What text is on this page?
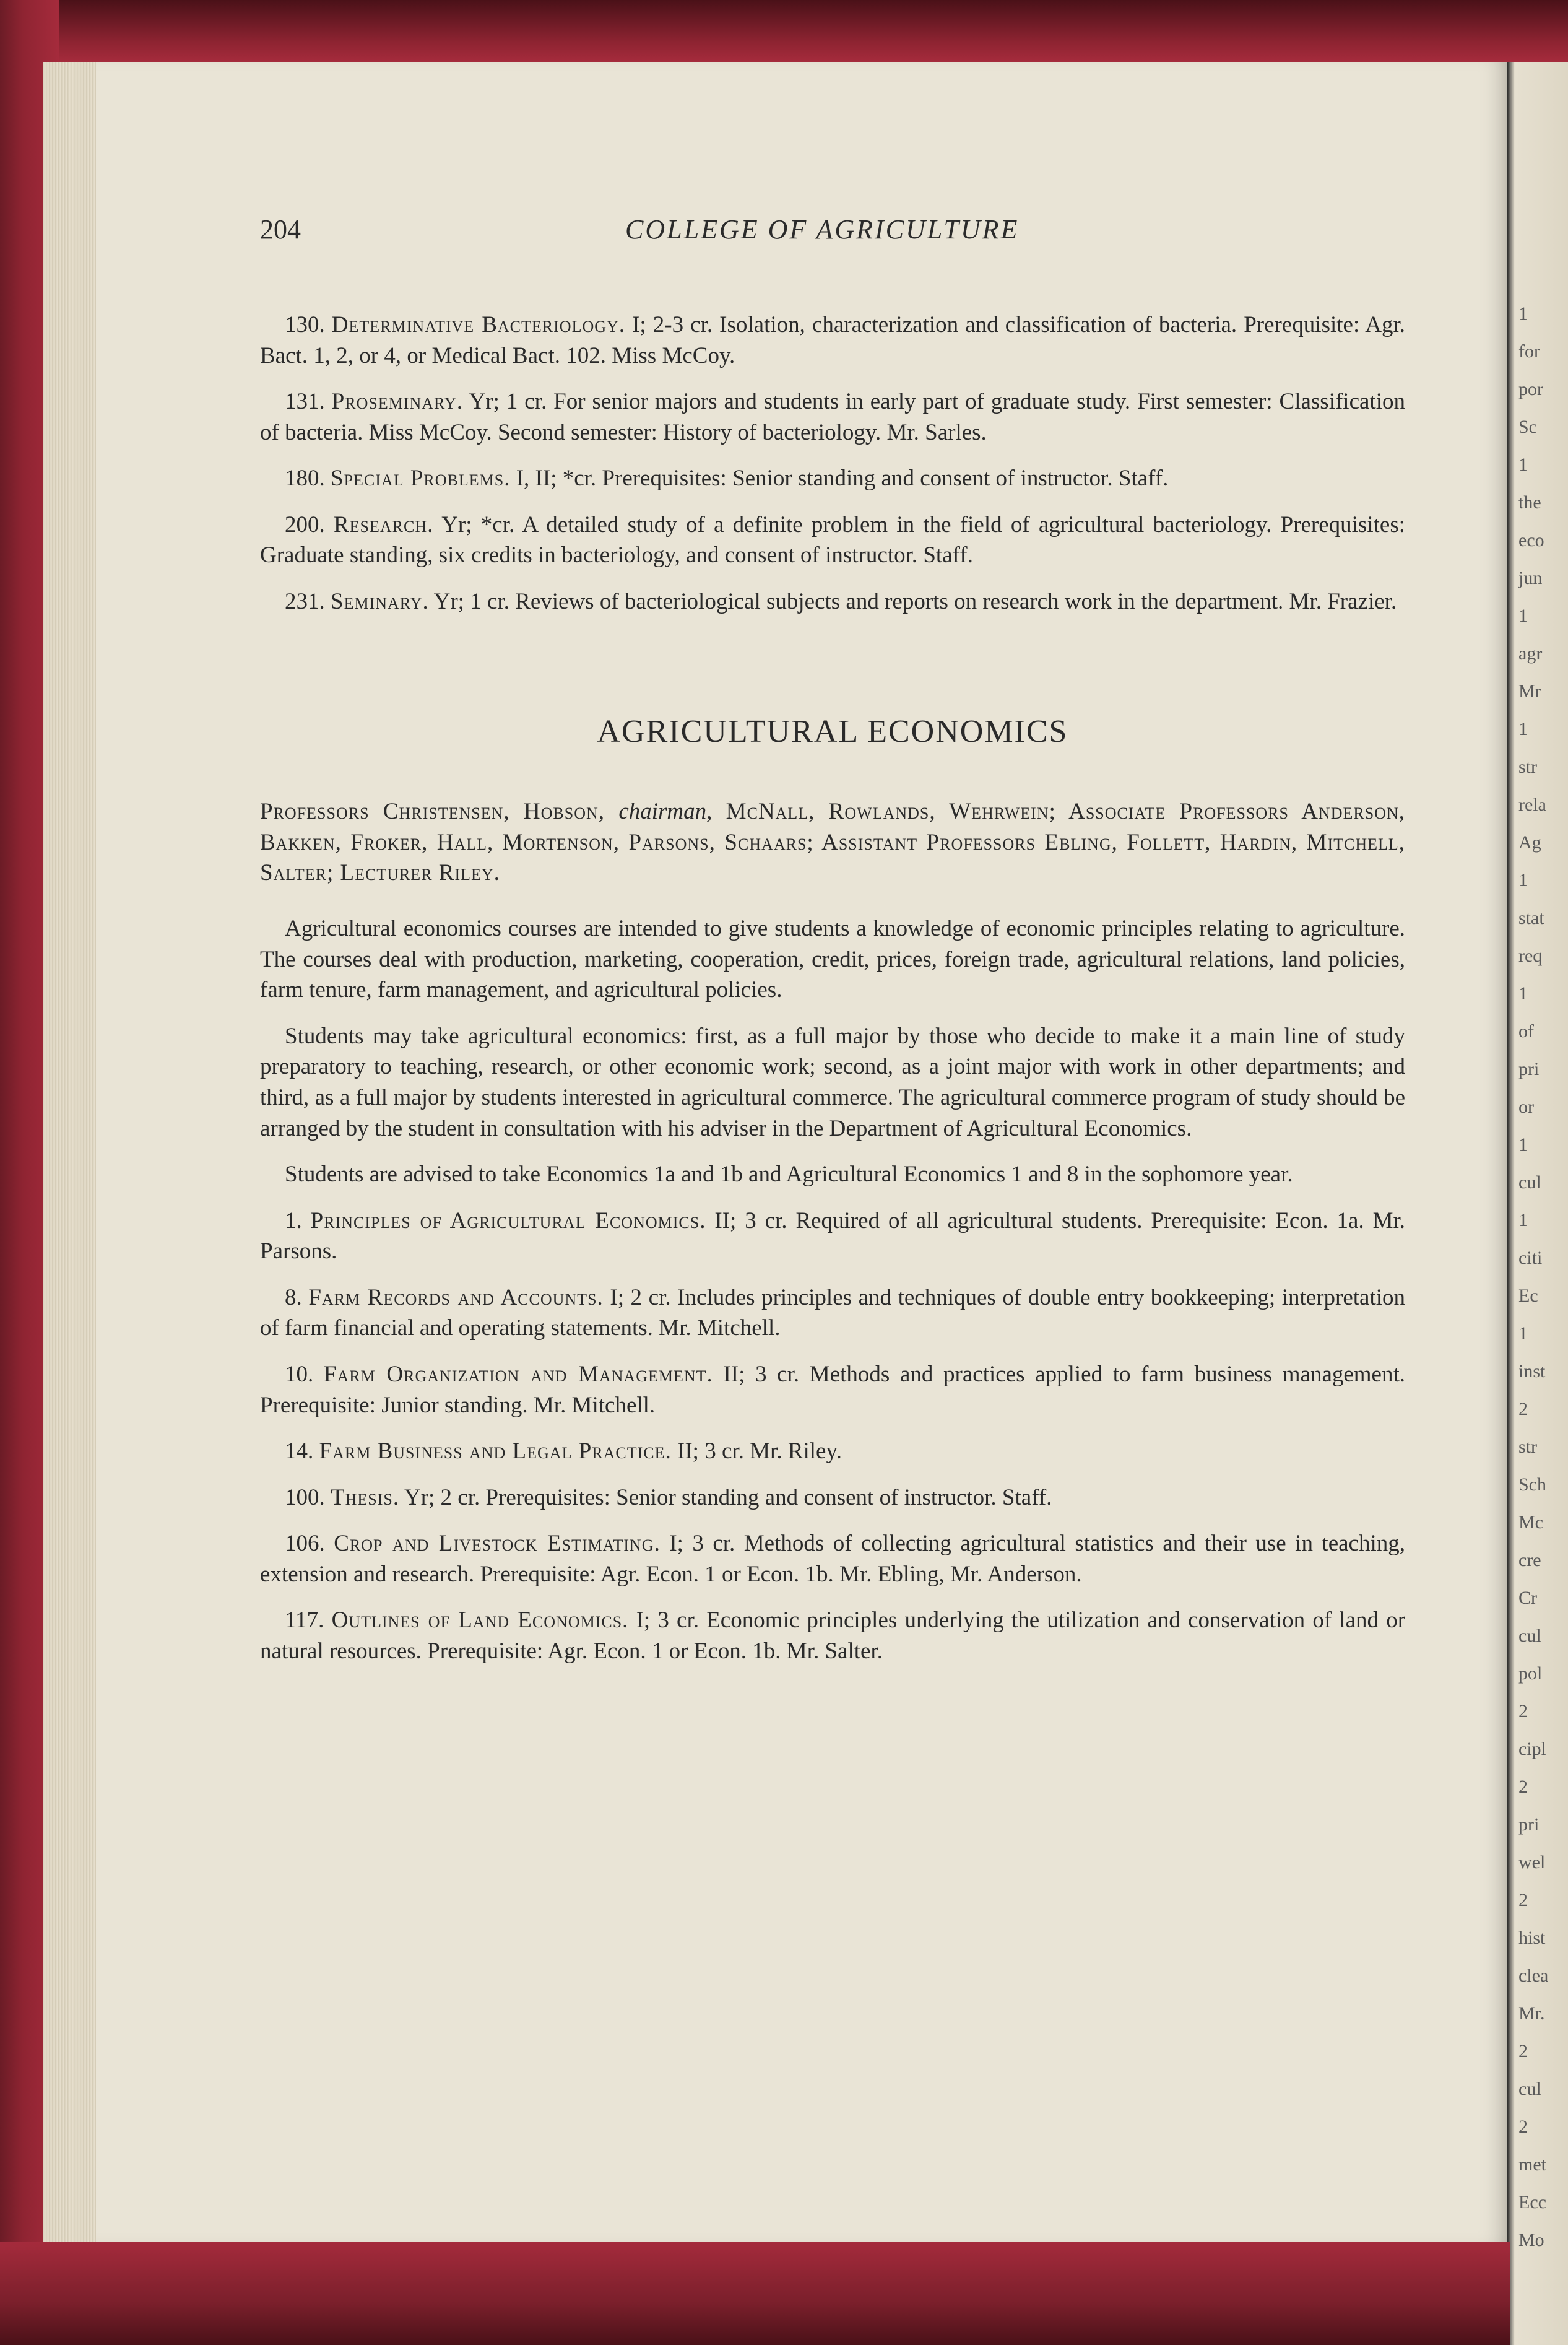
1
for
por
Sc
1
the
eco
jun
1
agr
Mr
1
str
rela
Ag
1
stat
req
1
of
pri
or
1
cul
1
citi
Ec
1
inst
2
str
Sch
Mc
cre
Cr
cul
pol
2
cipl
2
pri
wel
2
hist
clea
Mr.
2
cul
2
met
Ecc
Mo
204	COLLEGE OF AGRICULTURE

130. Determinative Bacteriology. I; 2-3 cr. Isolation, characterization and classification of bacteria. Prerequisite: Agr. Bact. 1, 2, or 4, or Medical Bact. 102. Miss McCoy.

131. Proseminary. Yr; 1 cr. For senior majors and students in early part of graduate study. First semester: Classification of bacteria. Miss McCoy. Second semester: History of bacteriology. Mr. Sarles.

180. Special Problems. I, II; *cr. Prerequisites: Senior standing and consent of instructor. Staff.

200. Research. Yr; *cr. A detailed study of a definite problem in the field of agricultural bacteriology. Prerequisites: Graduate standing, six credits in bacteriology, and consent of instructor. Staff.

231. Seminary. Yr; 1 cr. Reviews of bacteriological subjects and reports on research work in the department. Mr. Frazier.

AGRICULTURAL ECONOMICS

Professors Christensen, Hobson, chairman, McNall, Rowlands, Wehrwein; Associate Professors Anderson, Bakken, Froker, Hall, Mortenson, Parsons, Schaars; Assistant Professors Ebling, Follett, Hardin, Mitchell, Salter; Lecturer Riley.

Agricultural economics courses are intended to give students a knowledge of economic principles relating to agriculture. The courses deal with production, marketing, cooperation, credit, prices, foreign trade, agricultural relations, land policies, farm tenure, farm management, and agricultural policies.

Students may take agricultural economics: first, as a full major by those who decide to make it a main line of study preparatory to teaching, research, or other economic work; second, as a joint major with work in other departments; and third, as a full major by students interested in agricultural commerce. The agricultural commerce program of study should be arranged by the student in consultation with his adviser in the Department of Agricultural Economics.

Students are advised to take Economics 1a and 1b and Agricultural Economics 1 and 8 in the sophomore year.

1. Principles of Agricultural Economics. II; 3 cr. Required of all agricultural students. Prerequisite: Econ. 1a. Mr. Parsons.

8. Farm Records and Accounts. I; 2 cr. Includes principles and techniques of double entry bookkeeping; interpretation of farm financial and operating statements. Mr. Mitchell.

10. Farm Organization and Management. II; 3 cr. Methods and practices applied to farm business management. Prerequisite: Junior standing. Mr. Mitchell.

14. Farm Business and Legal Practice. II; 3 cr. Mr. Riley.

100. Thesis. Yr; 2 cr. Prerequisites: Senior standing and consent of instructor. Staff.

106. Crop and Livestock Estimating. I; 3 cr. Methods of collecting agricultural statistics and their use in teaching, extension and research. Prerequisite: Agr. Econ. 1 or Econ. 1b. Mr. Ebling, Mr. Anderson.

117. Outlines of Land Economics. I; 3 cr. Economic principles underlying the utilization and conservation of land or natural resources. Prerequisite: Agr. Econ. 1 or Econ. 1b. Mr. Salter.
